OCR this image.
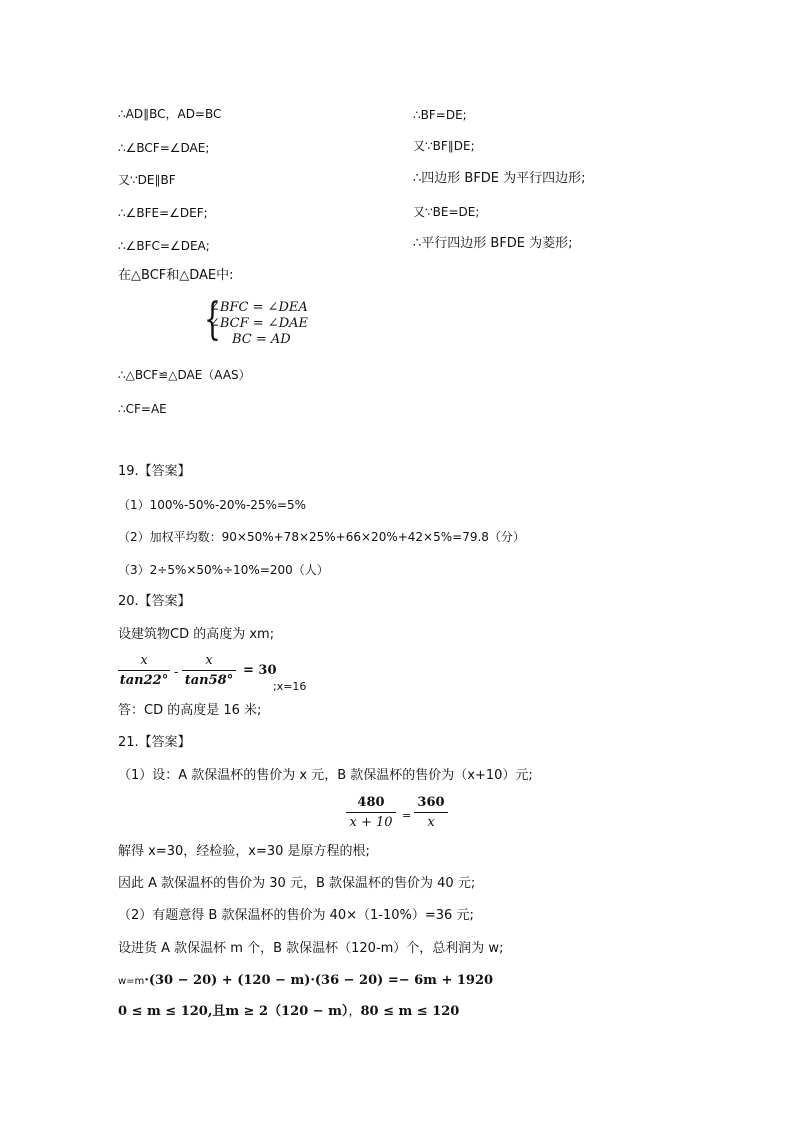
∴BF=DE;
又∵BF∥DE;
∴四边形 BFDE 为平行四边形;
又∵BE=DE;
∴平行四边形 BFDE 为菱形;
∴AD∥BC，AD=BC
∴∠BCF=∠DAE;
又∵DE∥BF
∴∠BFE=∠DEF;
∴∠BFC=∠DEA;
在△BCF和△DAE中:
{
∠BFC = ∠DEA
∠BCF = ∠DAE
BC = AD
∴△BCF≌△DAE（AAS）
∴CF=AE
19.【答案】
（1）100%-50%-20%-25%=5%
（2）加权平均数：90×50%+78×25%+66×20%+42×5%=79.8（分）
（3）2÷5%×50%÷10%=200（人）
20.【答案】
设建筑物CD 的高度为 xm;
x
tan22°
-
x
tan58°
= 30
;x=16
答：CD 的高度是 16 米;
21.【答案】
（1）设：A 款保温杯的售价为 x 元，B 款保温杯的售价为（x+10）元;
480
x + 10 =
360
x
解得 x=30，经检验，x=30 是原方程的根;
因此 A 款保温杯的售价为 30 元，B 款保温杯的售价为 40 元;
（2）有题意得 B 款保温杯的售价为 40×（1-10%）=36 元;
设进货 A 款保温杯 m 个，B 款保温杯（120-m）个，总利润为 w;
w=m·(30 − 20) + (120 − m)·(36 − 20) =− 6m + 1920
0 ≤ m ≤ 120,且m ≥ 2（120 − m），80 ≤ m ≤ 120
